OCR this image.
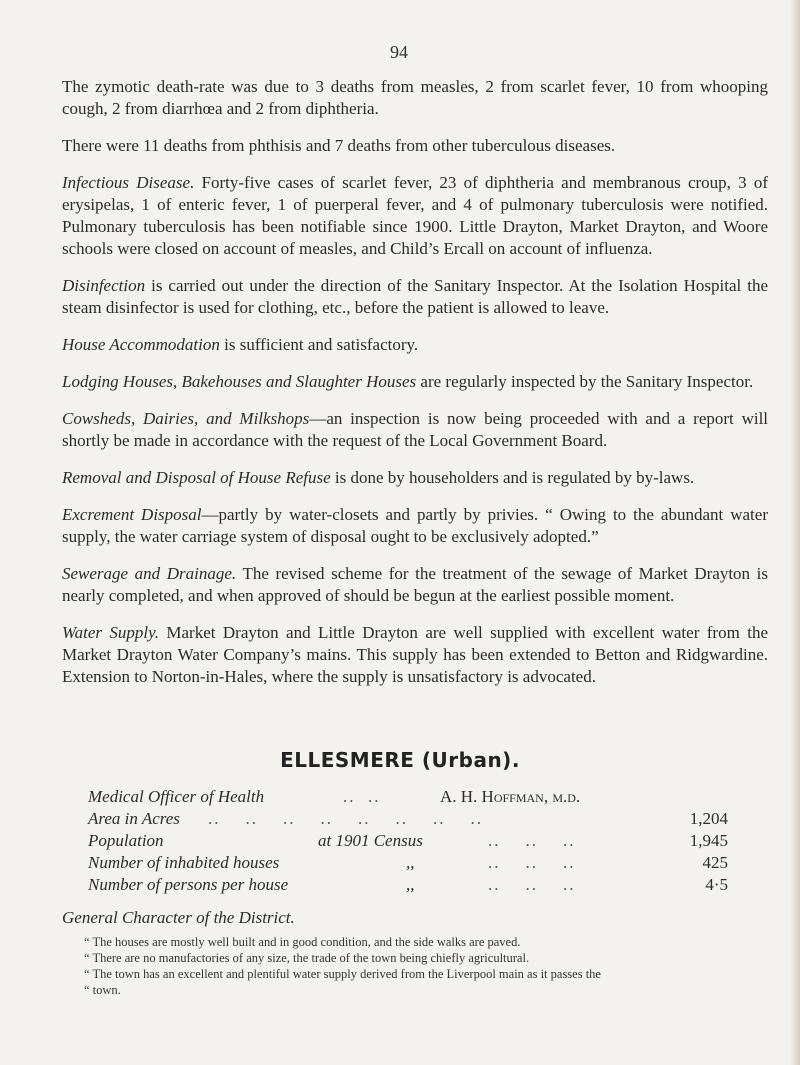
94

The zymotic death-rate was due to 3 deaths from measles, 2 from scarlet fever, 10 from whooping cough, 2 from diarrhœa and 2 from diphtheria.

There were 11 deaths from phthisis and 7 deaths from other tuberculous diseases.

Infectious Disease. Forty-five cases of scarlet fever, 23 of diphtheria and membranous croup, 3 of erysipelas, 1 of enteric fever, 1 of puerperal fever, and 4 of pulmonary tuberculosis were notified. Pulmonary tuberculosis has been notifiable since 1900. Little Drayton, Market Drayton, and Woore schools were closed on account of measles, and Child’s Ercall on account of influenza.

Disinfection is carried out under the direction of the Sanitary Inspector. At the Isolation Hospital the steam disinfector is used for clothing, etc., before the patient is allowed to leave.

House Accommodation is sufficient and satisfactory.

Lodging Houses, Bakehouses and Slaughter Houses are regularly inspected by the Sanitary Inspector.

Cowsheds, Dairies, and Milkshops—an inspection is now being proceeded with and a report will shortly be made in accordance with the request of the Local Government Board.

Removal and Disposal of House Refuse is done by householders and is regulated by by-laws.

Excrement Disposal—partly by water-closets and partly by privies. “ Owing to the abundant water supply, the water carriage system of disposal ought to be exclusively adopted.”

Sewerage and Drainage. The revised scheme for the treatment of the sewage of Market Drayton is nearly completed, and when approved of should be begun at the earliest possible moment.

Water Supply. Market Drayton and Little Drayton are well supplied with excellent water from the Market Drayton Water Company’s mains. This supply has been extended to Betton and Ridgwardine. Extension to Norton-in-Hales, where the supply is unsatisfactory is advocated.

ELLESMERE (Urban).
Medical Officer of Health	..  ..	A. H. Hoffman, m.d.
Area in Acres ..    ..    ..    ..    ..    ..    ..    ..	1,204
Population	at 1901 Census	..    ..    ..	1,945
Number of inhabited houses	,,	..    ..    ..	425
Number of persons per house	,,	..    ..    ..	4·5
General Character of the District.
“ The houses are mostly well built and in good condition, and the side walks are paved.
“ There are no manufactories of any size, the trade of the town being chiefly agricultural.
“ The town has an excellent and plentiful water supply derived from the Liverpool main as it passes the
“ town.
